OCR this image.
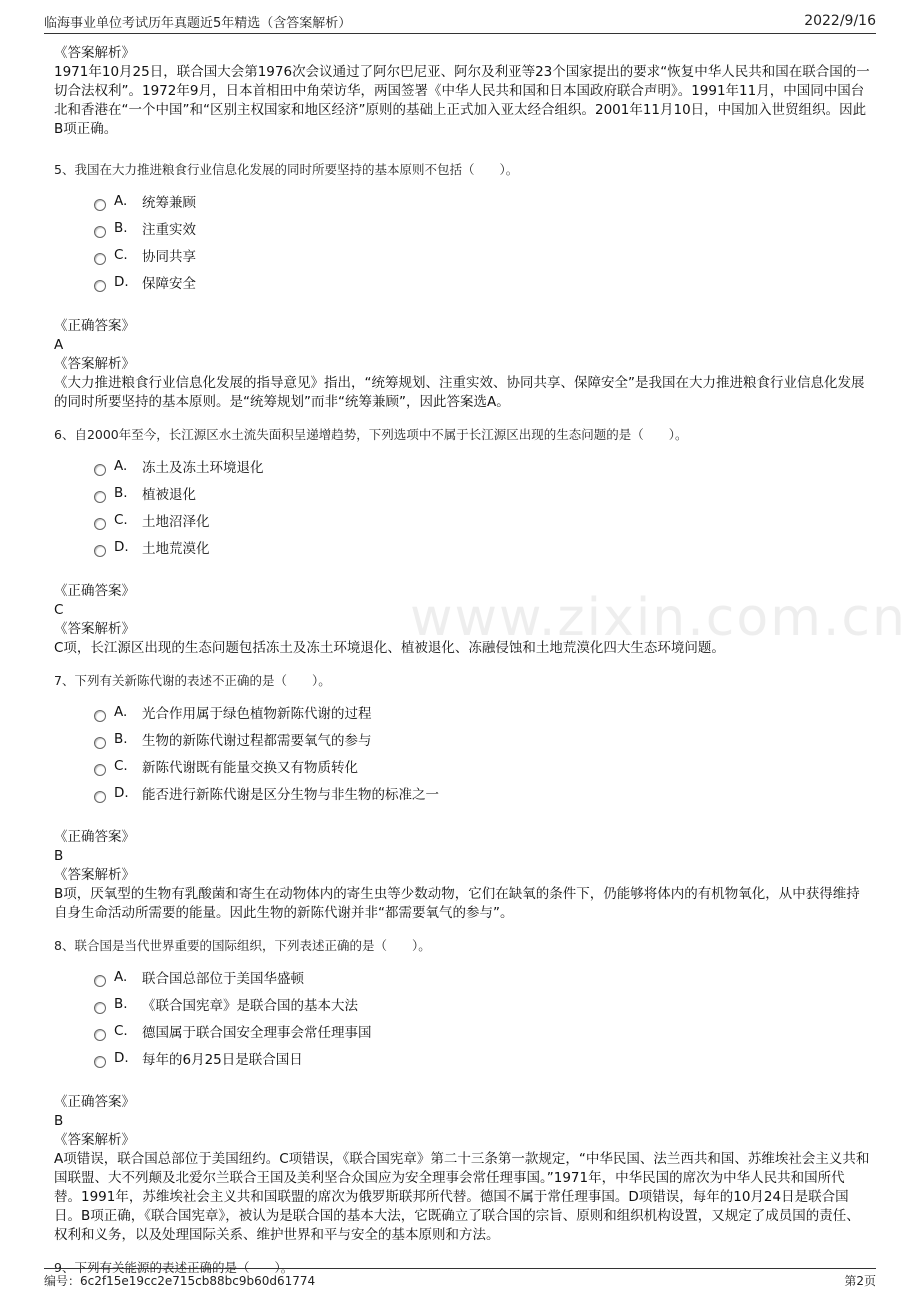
临海事业单位考试历年真题近5年精选（含答案解析）	2022/9/16
www.zixin.com.cn
《答案解析》
1971年10月25日，联合国大会第1976次会议通过了阿尔巴尼亚、阿尔及利亚等23个国家提出的要求“恢复中华人民共和国在联合国的一切合法权利”。1972年9月，日本首相田中角荣访华，两国签署《中华人民共和国和日本国政府联合声明》。1991年11月，中国同中国台北和香港在“一个中国”和“区别主权国家和地区经济”原则的基础上正式加入亚太经合组织。2001年11月10日，中国加入世贸组织。因此B项正确。
5、我国在大力推进粮食行业信息化发展的同时所要坚持的基本原则不包括（　　）。
A.	统筹兼顾
B.	注重实效
C.	协同共享
D. 保障安全
《正确答案》
A
《答案解析》
《大力推进粮食行业信息化发展的指导意见》指出，“统筹规划、注重实效、协同共享、保障安全”是我国在大力推进粮食行业信息化发展的同时所要坚持的基本原则。是“统筹规划”而非“统筹兼顾”，因此答案选A。
6、自2000年至今，长江源区水土流失面积呈递增趋势，下列选项中不属于长江源区出现的生态问题的是（　　）。
A.	冻土及冻土环境退化
B.	植被退化
C.	土地沼泽化
D. 土地荒漠化
《正确答案》
C
《答案解析》
C项，长江源区出现的生态问题包括冻土及冻土环境退化、植被退化、冻融侵蚀和土地荒漠化四大生态环境问题。
7、下列有关新陈代谢的表述不正确的是（　　）。
A.	光合作用属于绿色植物新陈代谢的过程
B.	生物的新陈代谢过程都需要氧气的参与
C.	新陈代谢既有能量交换又有物质转化
D. 能否进行新陈代谢是区分生物与非生物的标准之一
《正确答案》
B
《答案解析》
B项，厌氧型的生物有乳酸菌和寄生在动物体内的寄生虫等少数动物，它们在缺氧的条件下，仍能够将体内的有机物氧化，从中获得维持自身生命活动所需要的能量。因此生物的新陈代谢并非“都需要氧气的参与”。
8、联合国是当代世界重要的国际组织，下列表述正确的是（　　）。
A.	联合国总部位于美国华盛顿
B.	《联合国宪章》是联合国的基本大法
C.	德国属于联合国安全理事会常任理事国
D. 每年的6月25日是联合国日
《正确答案》
B
《答案解析》
A项错误，联合国总部位于美国纽约。C项错误，《联合国宪章》第二十三条第一款规定，“中华民国、法兰西共和国、苏维埃社会主义共和国联盟、大不列颠及北爱尔兰联合王国及美利坚合众国应为安全理事会常任理事国。”1971年，中华民国的席次为中华人民共和国所代替。1991年，苏维埃社会主义共和国联盟的席次为俄罗斯联邦所代替。德国不属于常任理事国。D项错误，每年的10月24日是联合国日。B项正确，《联合国宪章》，被认为是联合国的基本大法，它既确立了联合国的宗旨、原则和组织机构设置，又规定了成员国的责任、权利和义务，以及处理国际关系、维护世界和平与安全的基本原则和方法。
9、下列有关能源的表述正确的是（　　）。
编号：6c2f15e19cc2e715cb88bc9b60d61774	第2页
